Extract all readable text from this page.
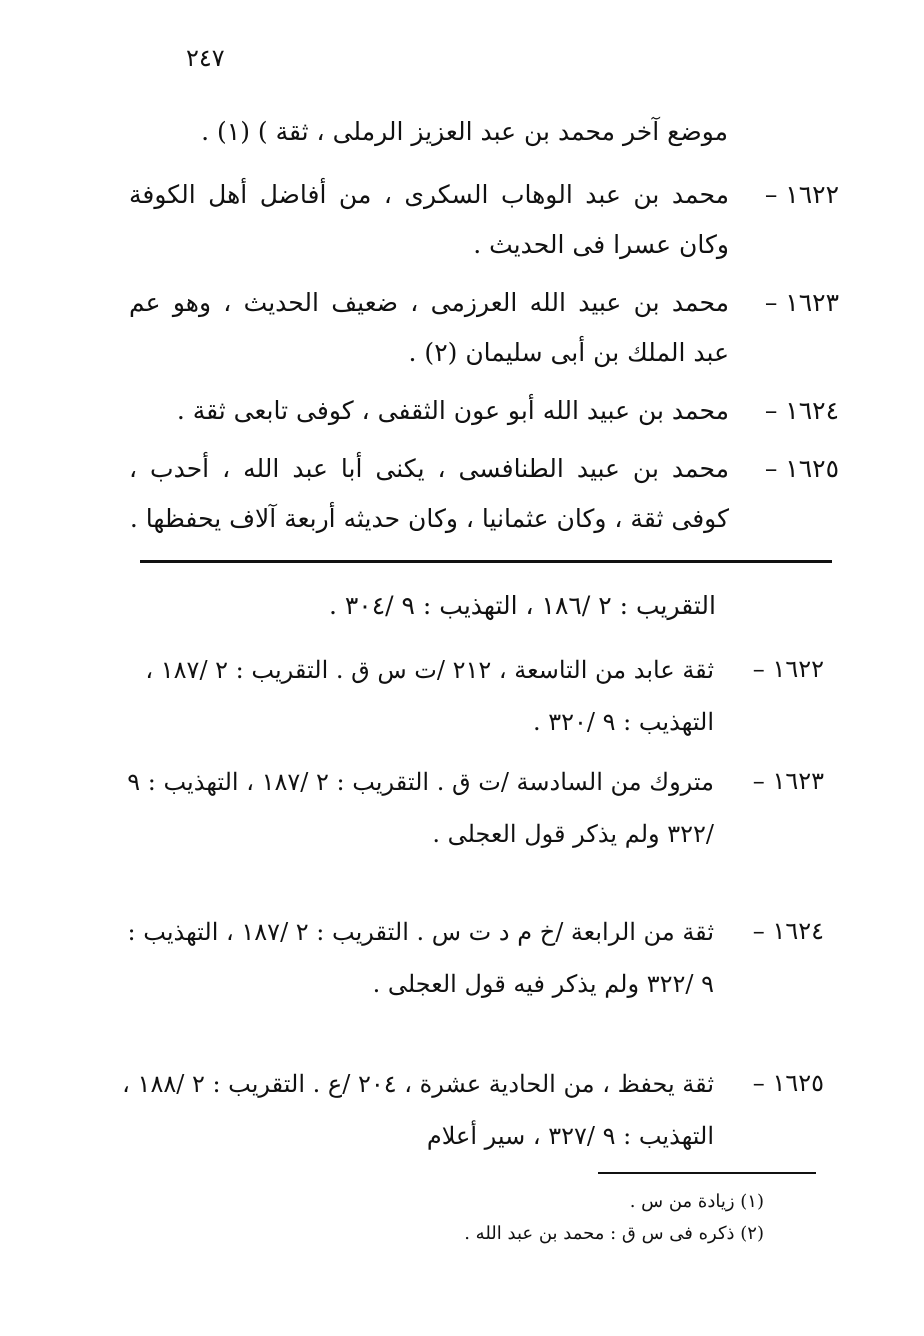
٢٤٧
موضع آخر محمد بن عبد العزيز الرملى ، ثقة ) (١) .
١٦٢٢ –
محمد بن عبد الوهاب السكرى ، من أفاضل أهل الكوفة وكان عسرا فى الحديث .
١٦٢٣ –
محمد بن عبيد الله العرزمى ، ضعيف الحديث ، وهو عم عبد الملك بن أبى سليمان (٢) .
١٦٢٤ –
محمد بن عبيد الله أبو عون الثقفى ، كوفى تابعى ثقة .
١٦٢٥ –
محمد بن عبيد الطنافسى ، يكنى أبا عبد الله ، أحدب ، كوفى ثقة ، وكان عثمانيا ، وكان حديثه أربعة آلاف يحفظها .
التقريب : ٢ /١٨٦ ، التهذيب : ٩ /٣٠٤ .
١٦٢٢ –
ثقة عابد من التاسعة ، ٢١٢ /ت س ق . التقريب : ٢ /١٨٧ ، التهذيب : ٩ /٣٢٠ .
١٦٢٣ –
متروك من السادسة /ت ق . التقريب : ٢ /١٨٧ ، التهذيب : ٩ /٣٢٢ ولم يذكر قول العجلى .
١٦٢٤ –
ثقة من الرابعة /خ م د ت س . التقريب : ٢ /١٨٧ ، التهذيب : ٩ /٣٢٢ ولم يذكر فيه قول العجلى .
١٦٢٥ –
ثقة يحفظ ، من الحادية عشرة ، ٢٠٤ /ع . التقريب : ٢ /١٨٨ ، التهذيب : ٩ /٣٢٧ ، سير أعلام
(١) زيادة من س .
(٢) ذكره فى س ق : محمد بن عبد الله .
